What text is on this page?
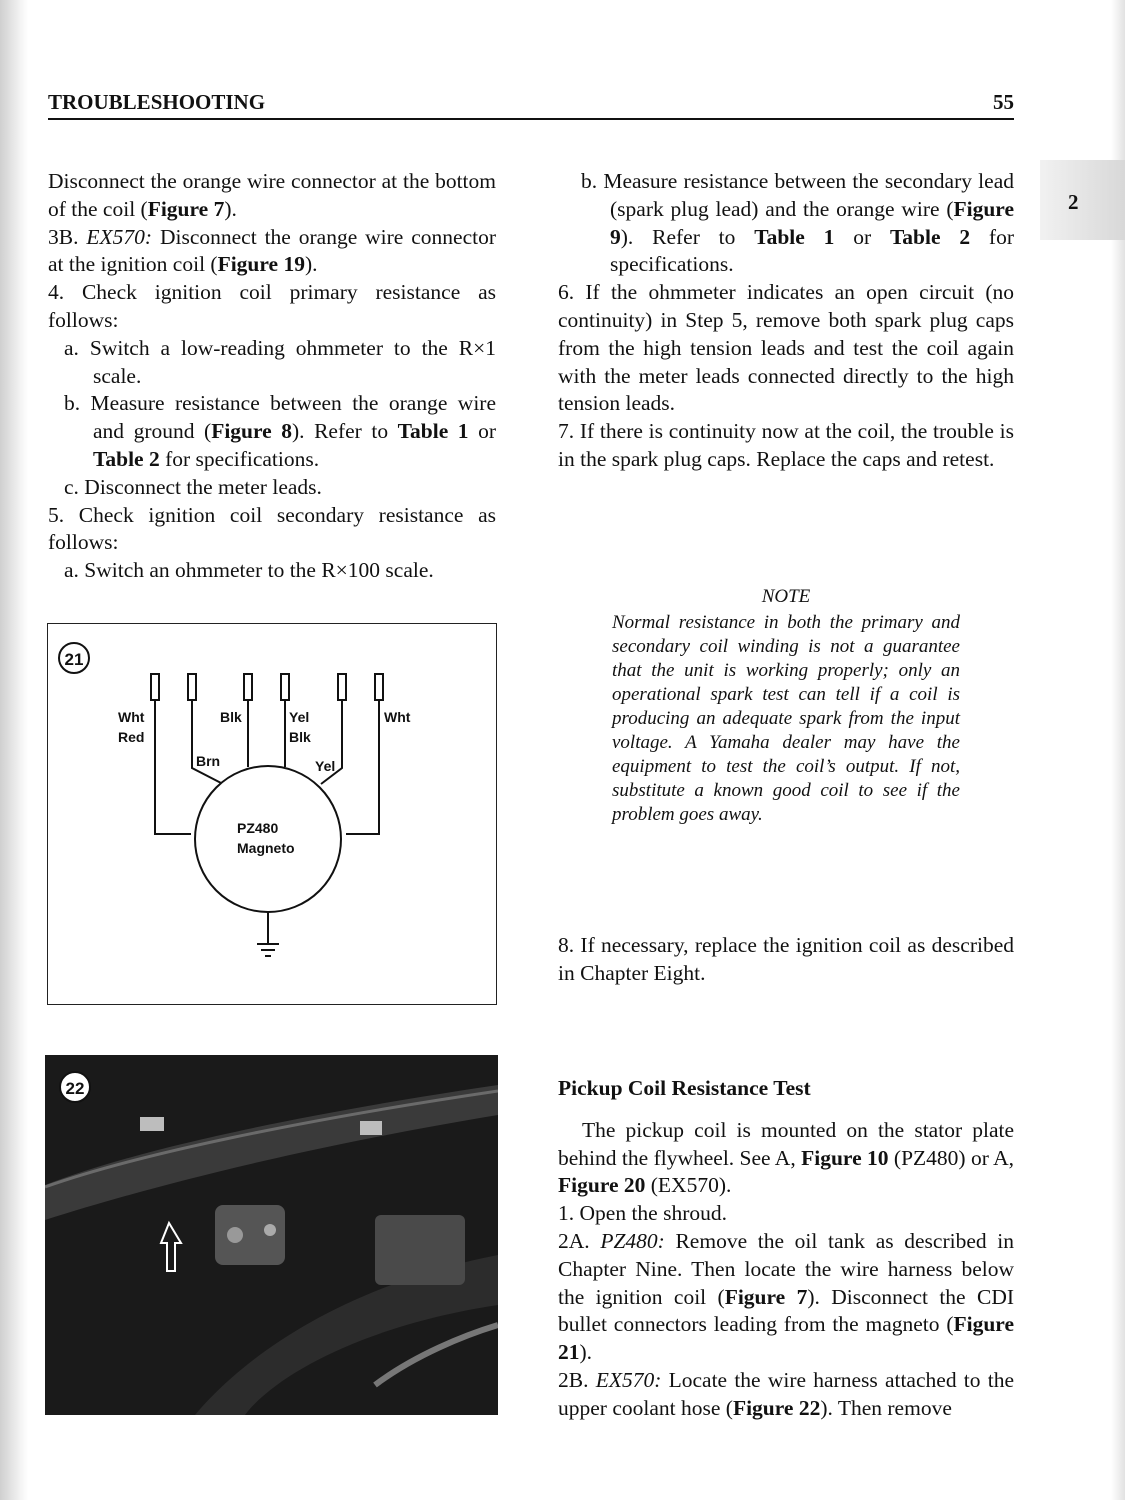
TROUBLESHOOTING	55
2

Disconnect the orange wire connector at the bottom of the coil (Figure 7).

3B. EX570: Disconnect the orange wire connector at the ignition coil (Figure 19).

4. Check ignition coil primary resistance as follows:

a. Switch a low-reading ohmmeter to the R×1 scale.

b. Measure resistance between the orange wire and ground (Figure 8). Refer to Table 1 or Table 2 for specifications.

c. Disconnect the meter leads.

5. Check ignition coil secondary resistance as follows:

a. Switch an ohmmeter to the R×100 scale.

21
Wht
Red
Blk
Brn
Yel
Blk
Yel
Wht
PZ480
Magneto
22

b. Measure resistance between the secondary lead (spark plug lead) and the orange wire (Figure 9). Refer to Table 1 or Table 2 for specifications.

6. If the ohmmeter indicates an open circuit (no continuity) in Step 5, remove both spark plug caps from the high tension leads and test the coil again with the meter leads connected directly to the high tension leads.

7. If there is continuity now at the coil, the trouble is in the spark plug caps. Replace the caps and retest.

NOTE
Normal resistance in both the primary and secondary coil winding is not a guarantee that the unit is working properly; only an operational spark test can tell if a coil is producing an adequate spark from the input voltage. A Yamaha dealer may have the equipment to test the coil’s output. If not, substitute a known good coil to see if the problem goes away.

8. If necessary, replace the ignition coil as described in Chapter Eight.

Pickup Coil Resistance Test

The pickup coil is mounted on the stator plate behind the flywheel. See A, Figure 10 (PZ480) or A, Figure 20 (EX570).

1. Open the shroud.

2A. PZ480: Remove the oil tank as described in Chapter Nine. Then locate the wire harness below the ignition coil (Figure 7). Disconnect the CDI bullet connectors leading from the magneto (Figure 21).

2B. EX570: Locate the wire harness attached to the upper coolant hose (Figure 22). Then remove
